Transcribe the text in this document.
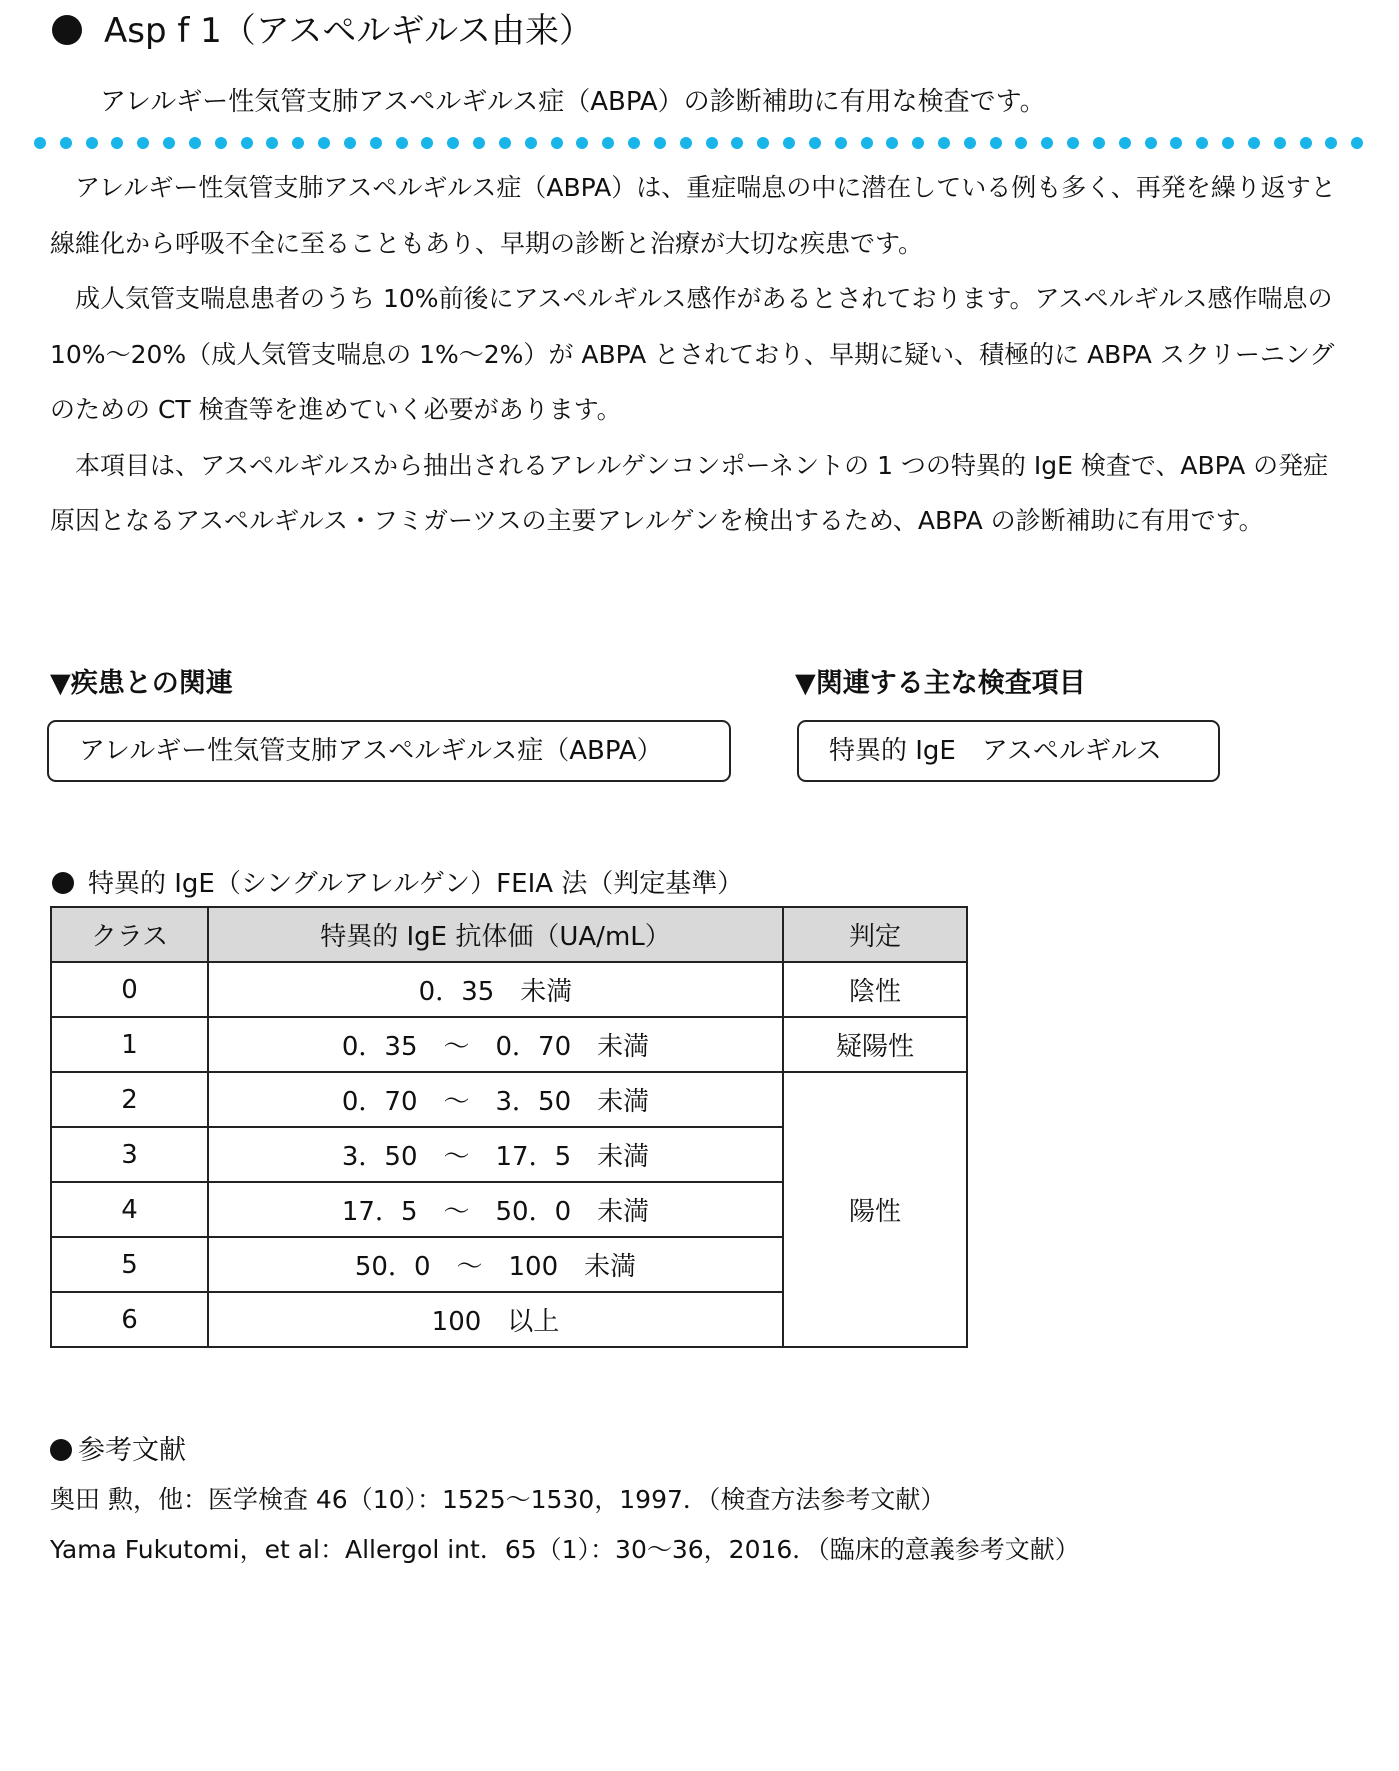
Asp f 1（アスペルギルス由来）
アレルギー性気管支肺アスペルギルス症（ABPA）の診断補助に有用な検査です。

アレルギー性気管支肺アスペルギルス症（ABPA）は、重症喘息の中に潜在している例も多く、再発を繰り返すと線維化から呼吸不全に至ることもあり、早期の診断と治療が大切な疾患です。

成人気管支喘息患者のうち 10%前後にアスペルギルス感作があるとされております。アスペルギルス感作喘息の 10%～20%（成人気管支喘息の 1%～2%）が ABPA とされており、早期に疑い、積極的に ABPA スクリーニングのための CT 検査等を進めていく必要があります。

本項目は、アスペルギルスから抽出されるアレルゲンコンポーネントの 1 つの特異的 IgE 検査で、ABPA の発症原因となるアスペルギルス・フミガーツスの主要アレルゲンを検出するため、ABPA の診断補助に有用です。

▼疾患との関連
アレルギー性気管支肺アスペルギルス症（ABPA）
▼関連する主な検査項目
特異的 IgE　アスペルギルス
特異的 IgE（シングルアレルゲン）FEIA 法（判定基準）
クラス	特異的 IgE 抗体価（UA/mL）	判定
0	0．35　未満	陰性
1	0．35　～　0．70　未満	疑陽性
2	0．70　～　3．50　未満	陽性
3	3．50　～　17．5　未満	
4	17．5　～　50．0　未満	
5	50．0　～　100　未満	
6	100　以上	
参考文献
奥田 勲，他：医学検査 46（10）：1525～1530，1997．（検査方法参考文献）
Yama Fukutomi，et al：Allergol int．65（1）：30～36，2016．（臨床的意義参考文献）
